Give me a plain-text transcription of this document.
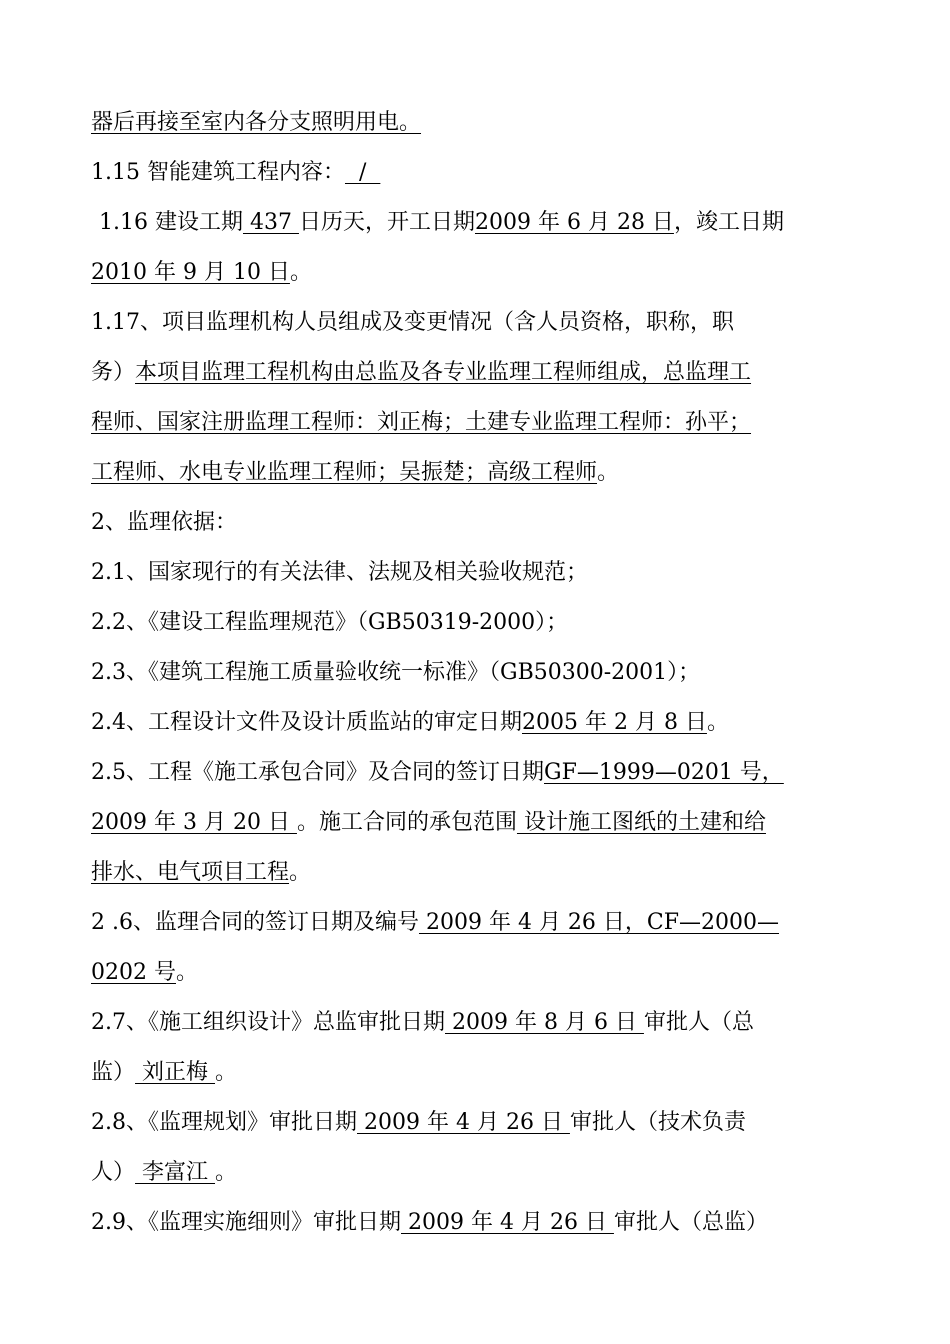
器后再接至室内各分支照明用电。
1.15 智能建筑工程内容：  /
1.16 建设工期 437 日历天，开工日期2009 年 6 月 28 日，竣工日期
2010 年 9 月 10 日。
1.17、项目监理机构人员组成及变更情况（含人员资格，职称，职
务）本项目监理工程机构由总监及各专业监理工程师组成，总监理工
程师、国家注册监理工程师：刘正梅；土建专业监理工程师：孙平；
工程师、水电专业监理工程师；吴振楚；高级工程师。
2、监理依据：
2.1、国家现行的有关法律、法规及相关验收规范；
2.2、《建设工程监理规范》（GB50319-2000）；
2.3、《建筑工程施工质量验收统一标准》（GB50300-2001）；
2.4、工程设计文件及设计质监站的审定日期2005 年 2 月 8 日。
2.5、工程《施工承包合同》及合同的签订日期GF—1999—0201 号，
2009 年 3 月 20 日 。施工合同的承包范围 设计施工图纸的土建和给
排水、电气项目工程。
2 .6、监理合同的签订日期及编号 2009 年 4 月 26 日，CF—2000—
0202 号。
2.7、《施工组织设计》总监审批日期 2009 年 8 月 6 日 审批人（总
监） 刘正梅 。
2.8、《监理规划》审批日期 2009 年 4 月 26 日 审批人（技术负责
人） 李富江 。
2.9、《监理实施细则》审批日期 2009 年 4 月 26 日 审批人（总监）
